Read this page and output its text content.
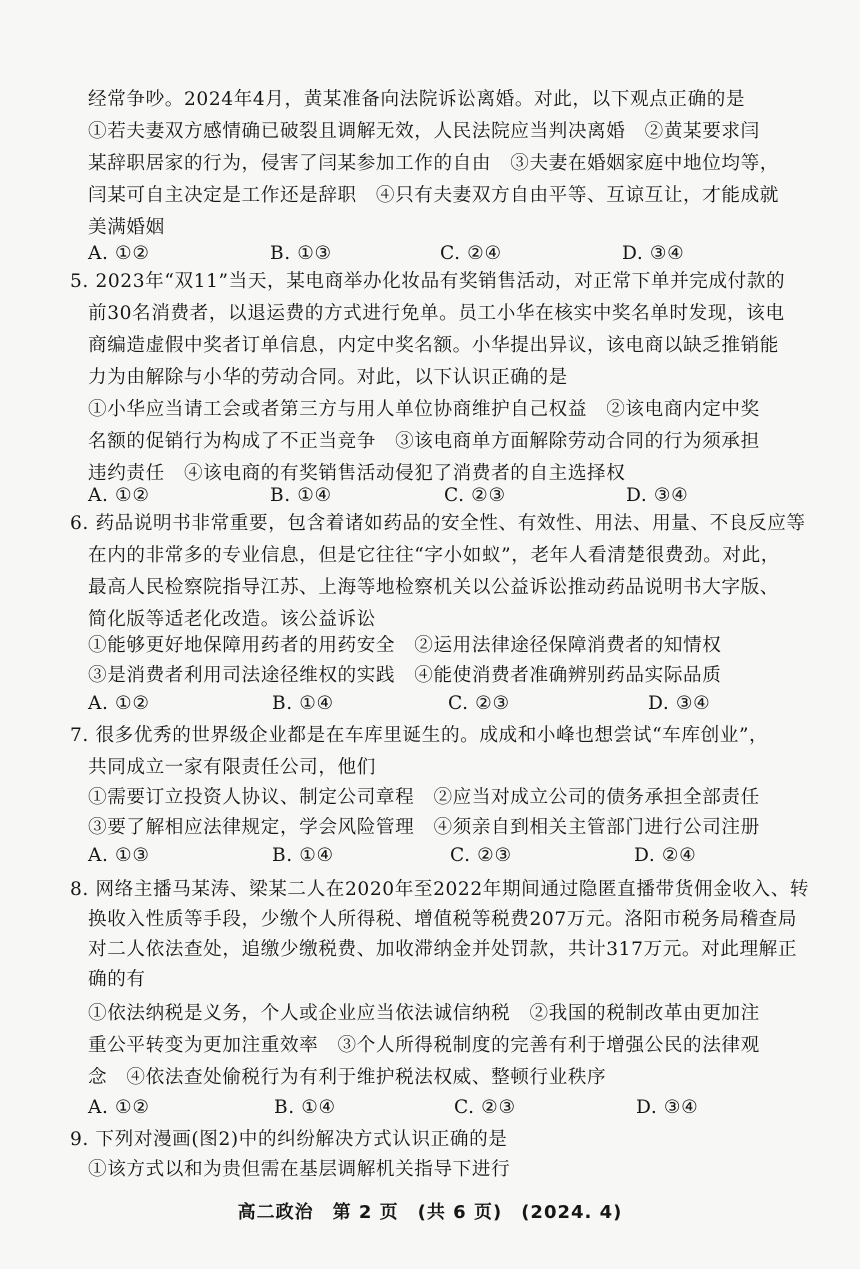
经常争吵。2024年4月，黄某准备向法院诉讼离婚。对此，以下观点正确的是
①若夫妻双方感情确已破裂且调解无效，人民法院应当判决离婚　②黄某要求闫
某辞职居家的行为，侵害了闫某参加工作的自由　③夫妻在婚姻家庭中地位均等，
闫某可自主决定是工作还是辞职　④只有夫妻双方自由平等、互谅互让，才能成就
美满婚姻
A. ①②	B. ①③	C. ②④	D. ③④
5. 2023年“双11”当天，某电商举办化妆品有奖销售活动，对正常下单并完成付款的
前30名消费者，以退运费的方式进行免单。员工小华在核实中奖名单时发现，该电
商编造虚假中奖者订单信息，内定中奖名额。小华提出异议，该电商以缺乏推销能
力为由解除与小华的劳动合同。对此，以下认识正确的是
①小华应当请工会或者第三方与用人单位协商维护自己权益　②该电商内定中奖
名额的促销行为构成了不正当竞争　③该电商单方面解除劳动合同的行为须承担
违约责任　④该电商的有奖销售活动侵犯了消费者的自主选择权
A. ①②	B. ①④	C. ②③	D. ③④
6. 药品说明书非常重要，包含着诸如药品的安全性、有效性、用法、用量、不良反应等
在内的非常多的专业信息，但是它往往“字小如蚁”，老年人看清楚很费劲。对此，
最高人民检察院指导江苏、上海等地检察机关以公益诉讼推动药品说明书大字版、
简化版等适老化改造。该公益诉讼
①能够更好地保障用药者的用药安全　②运用法律途径保障消费者的知情权
③是消费者利用司法途径维权的实践　④能使消费者准确辨别药品实际品质
A. ①②	B. ①④	C. ②③	D. ③④
7. 很多优秀的世界级企业都是在车库里诞生的。成成和小峰也想尝试“车库创业”，
共同成立一家有限责任公司，他们
①需要订立投资人协议、制定公司章程　②应当对成立公司的债务承担全部责任
③要了解相应法律规定，学会风险管理　④须亲自到相关主管部门进行公司注册
A. ①③	B. ①④	C. ②③	D. ②④
8. 网络主播马某涛、梁某二人在2020年至2022年期间通过隐匿直播带货佣金收入、转
换收入性质等手段，少缴个人所得税、增值税等税费207万元。洛阳市税务局稽查局
对二人依法查处，追缴少缴税费、加收滞纳金并处罚款，共计317万元。对此理解正
确的有
①依法纳税是义务，个人或企业应当依法诚信纳税　②我国的税制改革由更加注
重公平转变为更加注重效率　③个人所得税制度的完善有利于增强公民的法律观
念　④依法查处偷税行为有利于维护税法权威、整顿行业秩序
A. ①②	B. ①④	C. ②③	D. ③④
9. 下列对漫画(图2)中的纠纷解决方式认识正确的是
①该方式以和为贵但需在基层调解机关指导下进行
高二政治　第 2 页　(共 6 页)　(2024. 4)
